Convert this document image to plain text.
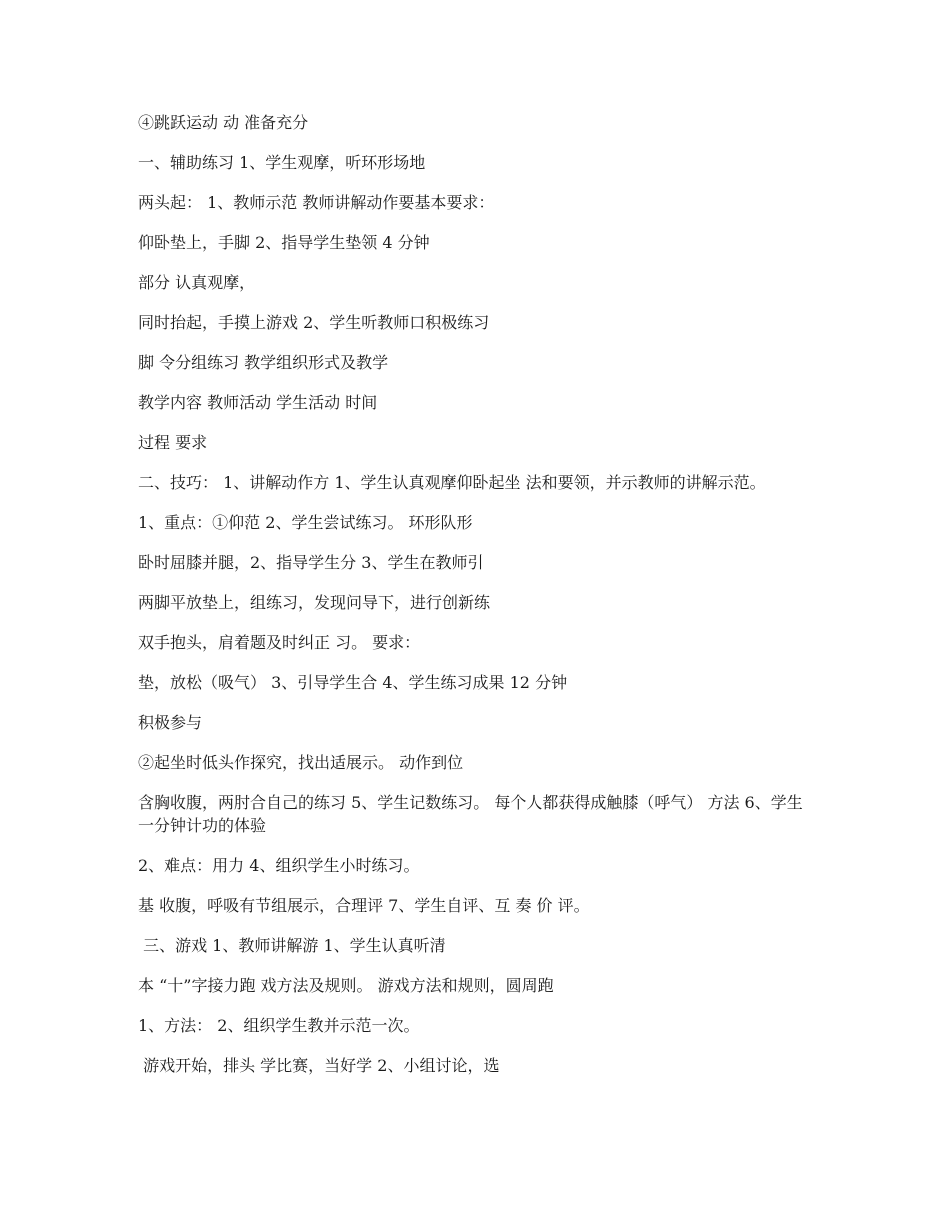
④跳跃运动 动 准备充分

一、辅助练习 1、学生观摩，听环形场地

两头起： 1、教师示范 教师讲解动作要基本要求：

仰卧垫上，手脚 2、指导学生垫领 4 分钟

部分 认真观摩，

同时抬起，手摸上游戏 2、学生听教师口积极练习

脚 令分组练习 教学组织形式及教学

教学内容 教师活动 学生活动 时间

过程 要求

二、技巧： 1、讲解动作方 1、学生认真观摩仰卧起坐 法和要领，并示教师的讲解示范。

1、重点：①仰范 2、学生尝试练习。 环形队形

卧时屈膝并腿，2、指导学生分 3、学生在教师引

两脚平放垫上，组练习，发现问导下，进行创新练

双手抱头，肩着题及时纠正 习。 要求：

垫，放松（吸气） 3、引导学生合 4、学生练习成果 12 分钟

积极参与

②起坐时低头作探究，找出适展示。 动作到位

含胸收腹，两肘合自己的练习 5、学生记数练习。 每个人都获得成触膝（呼气） 方法 6、学生一分钟计功的体验

2、难点：用力 4、组织学生小时练习。

基 收腹，呼吸有节组展示，合理评 7、学生自评、互 奏 价 评。

三、游戏 1、教师讲解游 1、学生认真听清

本 “十”字接力跑 戏方法及规则。 游戏方法和规则，圆周跑

1、方法： 2、组织学生教并示范一次。

游戏开始，排头 学比赛，当好学 2、小组讨论，选
